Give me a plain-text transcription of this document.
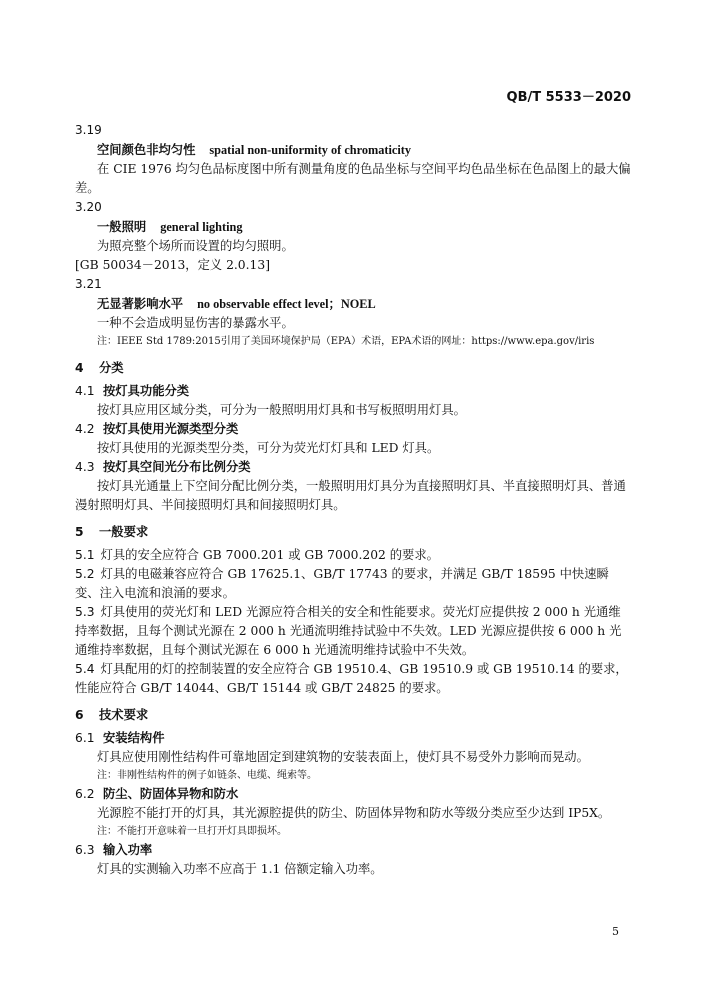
QB/T 5533－2020
3.19
空间颜色非均匀性 spatial non-uniformity of chromaticity

在 CIE 1976 均匀色品标度图中所有测量角度的色品坐标与空间平均色品坐标在色品图上的最大偏差。

3.20
一般照明 general lighting

为照亮整个场所而设置的均匀照明。

[GB 50034－2013，定义 2.0.13]

3.21
无显著影响水平 no observable effect level；NOEL

一种不会造成明显伤害的暴露水平。

注：IEEE Std 1789:2015引用了美国环境保护局（EPA）术语，EPA术语的网址：https://www.epa.gov/iris

4 分类
4.1 按灯具功能分类

按灯具应用区域分类，可分为一般照明用灯具和书写板照明用灯具。

4.2 按灯具使用光源类型分类

按灯具使用的光源类型分类，可分为荧光灯灯具和 LED 灯具。

4.3 按灯具空间光分布比例分类

按灯具光通量上下空间分配比例分类，一般照明用灯具分为直接照明灯具、半直接照明灯具、普通漫射照明灯具、半间接照明灯具和间接照明灯具。

5 一般要求

5.1 灯具的安全应符合 GB 7000.201 或 GB 7000.202 的要求。

5.2 灯具的电磁兼容应符合 GB 17625.1、GB/T 17743 的要求，并满足 GB/T 18595 中快速瞬变、注入电流和浪涌的要求。

5.3 灯具使用的荧光灯和 LED 光源应符合相关的安全和性能要求。荧光灯应提供按 2 000 h 光通维持率数据，且每个测试光源在 2 000 h 光通流明维持试验中不失效。LED 光源应提供按 6 000 h 光通维持率数据，且每个测试光源在 6 000 h 光通流明维持试验中不失效。

5.4 灯具配用的灯的控制装置的安全应符合 GB 19510.4、GB 19510.9 或 GB 19510.14 的要求，性能应符合 GB/T 14044、GB/T 15144 或 GB/T 24825 的要求。

6 技术要求
6.1 安装结构件

灯具应使用刚性结构件可靠地固定到建筑物的安装表面上，使灯具不易受外力影响而晃动。

注：非刚性结构件的例子如链条、电缆、绳索等。

6.2 防尘、防固体异物和防水

光源腔不能打开的灯具，其光源腔提供的防尘、防固体异物和防水等级分类应至少达到 IP5X。

注：不能打开意味着一旦打开灯具即损坏。

6.3 输入功率

灯具的实测输入功率不应高于 1.1 倍额定输入功率。

5
